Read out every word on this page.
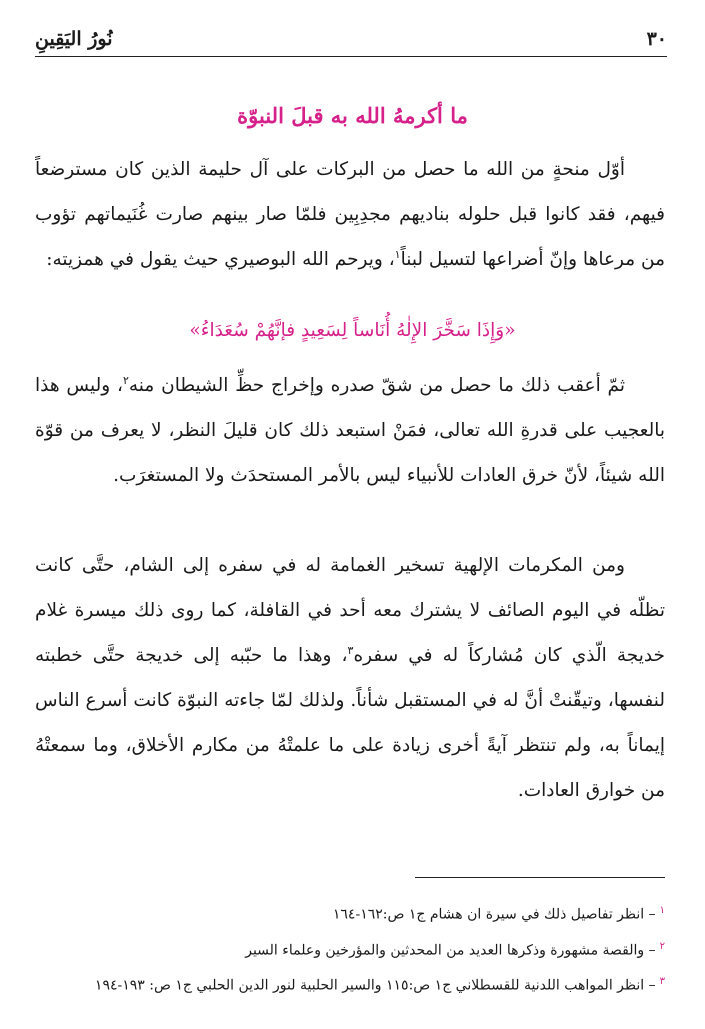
٣٠
نُورُ اليَقِينِ
ما أكرمهُ الله به قبلَ النبوّة
أوّل منحةٍ من الله ما حصل من البركات على آل حليمة الذين كان مسترضعاً فيهم، فقد كانوا قبل حلوله بناديهم مجدِبِين فلمّا صار بينهم صارت غُنَيماتهم تؤوب من مرعاها وإنّ أضراعها لتسيل لبناً$^١$، ويرحم الله البوصيري حيث يقول في همزيته:
«وَإِذَا سَخَّرَ الإِلٰهُ أُنَاساً لِسَعِيدٍ فإنَّهُمْ سُعَدَاءُ»
ثمّ أعقب ذلك ما حصل من شقّ صدره وإخراج حظِّ الشيطان منه$^٢$، وليس هذا بالعجيب على قدرةِ الله تعالى، فمَنْ استبعد ذلك كان قليلَ النظر، لا يعرف من قوّة الله شيئاً، لأنّ خرق العادات للأنبياء ليس بالأمر المستحدَث ولا المستغرَب.
ومن المكرمات الإلهية تسخير الغمامة له في سفره إلى الشام، حتَّى كانت تظلّه في اليوم الصائف لا يشترك معه أحد في القافلة، كما روى ذلك ميسرة غلام خديجة الّذي كان مُشاركاً له في سفره$^٣$، وهذا ما حبّبه إلى خديجة حتَّى خطبته لنفسها، وتيقّنتْ أنَّ له في المستقبل شأناً. ولذلك لمّا جاءته النبوّة كانت أسرع الناس إيماناً به، ولم تنتظر آيةً أخرى زيادة على ما علمتْهُ من مكارم الأخلاق، وما سمعتْهُ من خوارق العادات.
$^١$– انظر تفاصيل ذلك في سيرة ان هشام ج١ ص:١٦٢-١٦٤
$^٢$– والقصة مشهورة وذكرها العديد من المحدثين والمؤرخين وعلماء السير
$^٣$– انظر المواهب اللدنية للقسطلاني ج١ ص:١١٥ والسير الحلبية لنور الدين الحلبي ج١ ص: ١٩٣-١٩٤
